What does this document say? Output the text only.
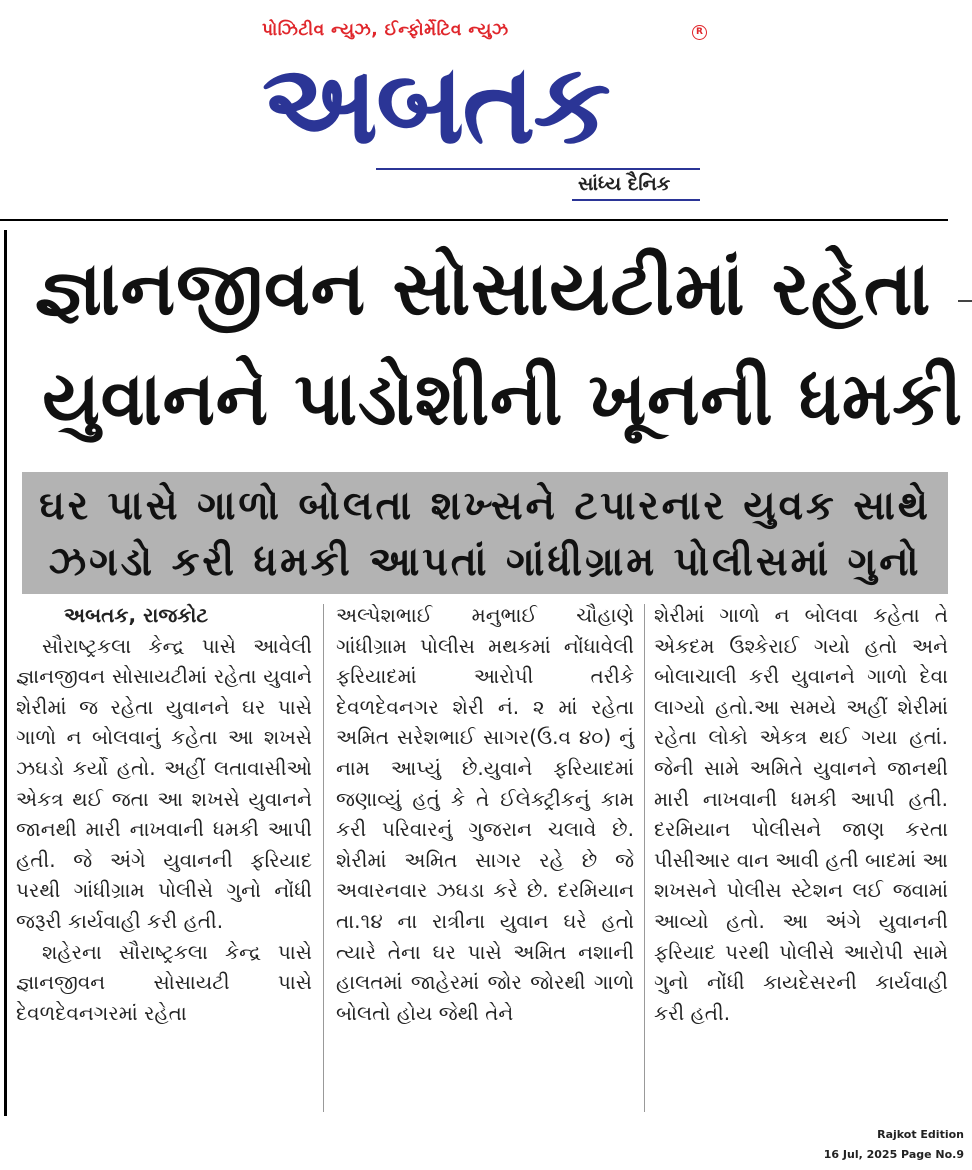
પોઝિટીવ ન્યુઝ, ઈન્ફોર્મેટિવ ન્યુઝ	R
અબતક
સાંધ્ય દૈનિક
જ્ઞાનજીવન સોસાયટીમાં રહેતા
યુવાનને પાડોશીની ખૂનની ધમકી
ઘર પાસે ગાળો બોલતા શખ્સને ટપારનાર યુવક સાથે
ઝગડો કરી ધમકી આપતાં ગાંધીગ્રામ પોલીસમાં ગુનો
અબતક, રાજકોટ

સૌરાષ્ટ્રકલા કેન્દ્ર પાસે આવેલી જ્ઞાનજીવન સોસાયટીમાં રહેતા યુવાને શેરીમાં જ રહેતા યુવાનને ઘર પાસે ગાળો ન બોલવાનું કહેતા આ શખસે ઝઘડો કર્યો હતો. અહીં લતાવાસીઓ એકત્ર થઈ જતા આ શખસે યુવાનને જાનથી મારી નાખવાની ધમકી આપી હતી. જે અંગે યુવાનની ફરિયાદ પરથી ગાંધીગ્રામ પોલીસે ગુનો નોંધી જરૂરી કાર્યવાહી કરી હતી.

શહેરના સૌરાષ્ટ્રકલા કેન્દ્ર પાસે જ્ઞાનજીવન સોસાયટી પાસે દેવળદેવનગરમાં રહેતા

અલ્પેશભાઈ મનુભાઈ ચૌહાણે ગાંધીગ્રામ પોલીસ મથકમાં નોંધાવેલી ફરિયાદમાં આરોપી તરીકે દેવળદેવનગર શેરી નં. ૨ માં રહેતા અમિત સરેશભાઈ સાગર(ઉ.વ ૪૦) નું નામ આપ્યું છે.યુવાને ફરિયાદમાં જણાવ્યું હતું કે તે ઈલેક્ટ્રીકનું કામ કરી પરિવારનું ગુજરાન ચલાવે છે. શેરીમાં અમિત સાગર રહે છે જે અવારનવાર ઝઘડા કરે છે. દરમિયાન તા.૧૪ ના રાત્રીના યુવાન ઘરે હતો ત્યારે તેના ઘર પાસે અમિત નશાની હાલતમાં જાહેરમાં જોર જોરથી ગાળો બોલતો હોય જેથી તેને

શેરીમાં ગાળો ન બોલવા કહેતા તે એકદમ ઉશ્કેરાઈ ગયો હતો અને બોલાચાલી કરી યુવાનને ગાળો દેવા લાગ્યો હતો.આ સમયે અહીં શેરીમાં રહેતા લોકો એકત્ર થઈ ગયા હતાં. જેની સામે અમિતે યુવાનને જાનથી મારી નાખવાની ધમકી આપી હતી. દરમિયાન પોલીસને જાણ કરતા પીસીઆર વાન આવી હતી બાદમાં આ શખસને પોલીસ સ્ટેશન લઈ જવામાં આવ્યો હતો. આ અંગે યુવાનની ફરિયાદ પરથી પોલીસે આરોપી સામે ગુનો નોંધી કાયદેસરની કાર્યવાહી કરી હતી.

Rajkot Edition
16 Jul, 2025 Page No.9
